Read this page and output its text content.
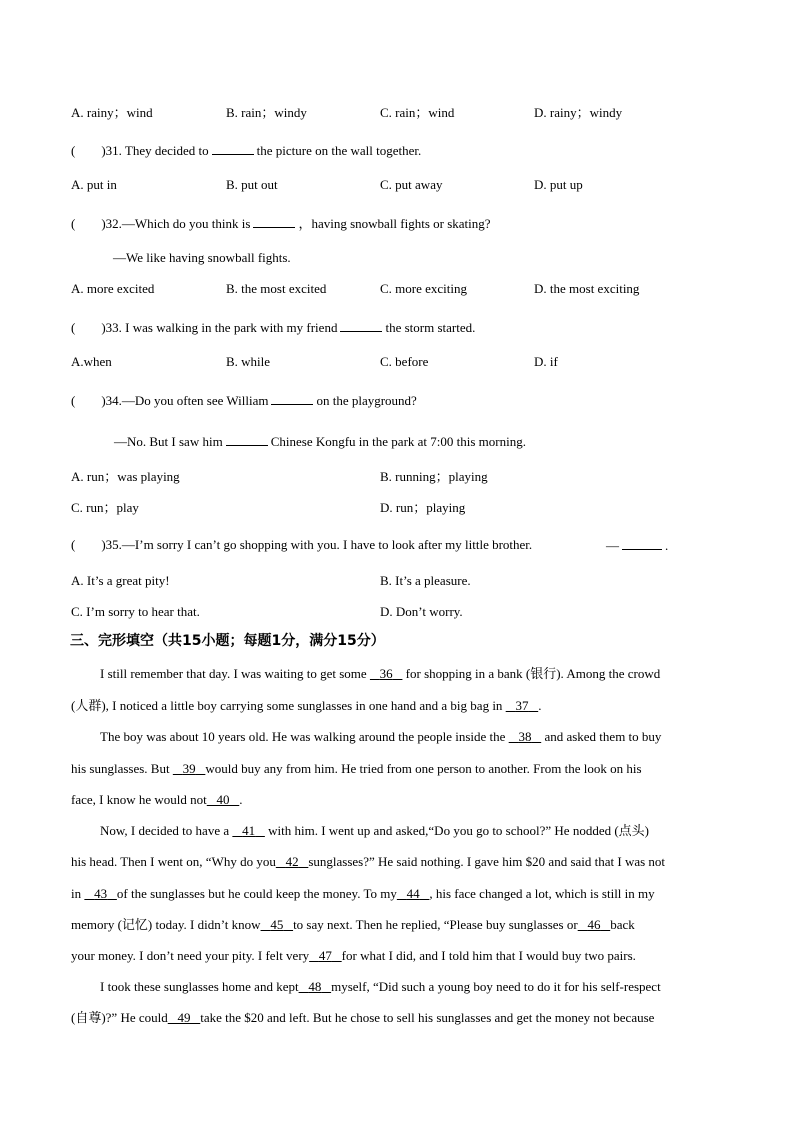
A. rainy；wind	B. rain；windy	C. rain；wind	D. rainy；windy
(　　)31. They decided to	the picture on the wall together.
A. put in	B. put out	C. put away	D. put up
(　　)32.—Which do you think is	，having snowball fights or skating?
—We like having snowball fights.
A. more excited	B. the most excited	C. more exciting	D. the most exciting
(　　)33. I was walking in the park with my friend	the storm started.
A.when	B. while	C. before	D. if
(　　)34.—Do you often see William	on the playground?
—No. But I saw him	Chinese Kongfu in the park at 7:00 this morning.
A. run；was playing	B. running；playing
C. run；play	D. run；playing
(　　)35.—I’m sorry I can’t go shopping with you. I have to look after my little brother.	—	.
A. It’s a great pity!	B. It’s a pleasure.
C. I’m sorry to hear that.	D. Don’t worry.
三、完形填空（共15小题；每题1分，满分15分）
I still remember that day. I was waiting to get some 36 for shopping in a bank (银行). Among the crowd
(人群), I noticed a little boy carrying some sunglasses in one hand and a big bag in 37 .
The boy was about 10 years old. He was walking around the people inside the 38 and asked them to buy
his sunglasses. But 39 would buy any from him. He tried from one person to another. From the look on his
face, I know he would not 40 .
Now, I decided to have a 41 with him. I went up and asked,“Do you go to school?” He nodded (点头)
his head. Then I went on, “Why do you 42 sunglasses?” He said nothing. I gave him $20 and said that I was not
in 43 of the sunglasses but he could keep the money. To my 44 , his face changed a lot, which is still in my
memory (记忆) today. I didn’t know 45 to say next. Then he replied, “Please buy sunglasses or 46 back
your money. I don’t need your pity. I felt very 47 for what I did, and I told him that I would buy two pairs.
I took these sunglasses home and kept 48 myself, “Did such a young boy need to do it for his self-respect
(自尊)?” He could 49 take the $20 and left. But he chose to sell his sunglasses and get the money not because
